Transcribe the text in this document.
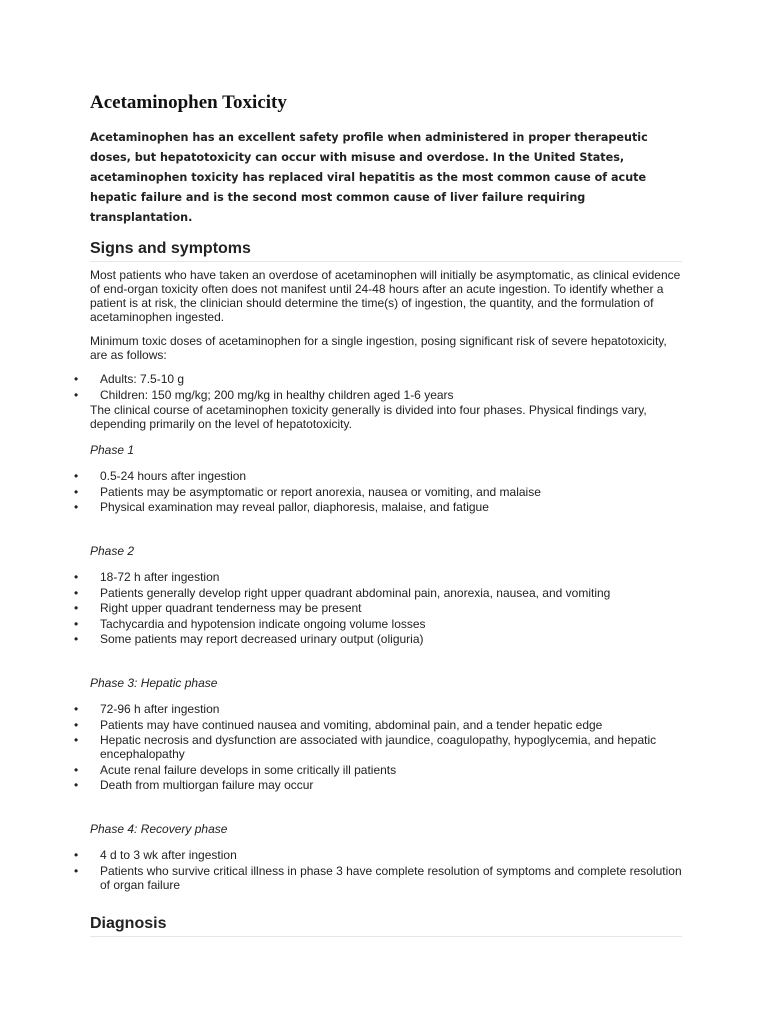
Acetaminophen Toxicity

Acetaminophen has an excellent safety profile when administered in proper therapeutic doses, but hepatotoxicity can occur with misuse and overdose. In the United States, acetaminophen toxicity has replaced viral hepatitis as the most common cause of acute hepatic failure and is the second most common cause of liver failure requiring transplantation.

Signs and symptoms

Most patients who have taken an overdose of acetaminophen will initially be asymptomatic, as clinical evidence of end-organ toxicity often does not manifest until 24-48 hours after an acute ingestion. To identify whether a patient is at risk, the clinician should determine the time(s) of ingestion, the quantity, and the formulation of acetaminophen ingested.

Minimum toxic doses of acetaminophen for a single ingestion, posing significant risk of severe hepatotoxicity, are as follows:

• Adults: 7.5-10 g
• Children: 150 mg/kg; 200 mg/kg in healthy children aged 1-6 years

The clinical course of acetaminophen toxicity generally is divided into four phases. Physical findings vary, depending primarily on the level of hepatotoxicity.

Phase 1
• 0.5-24 hours after ingestion
• Patients may be asymptomatic or report anorexia, nausea or vomiting, and malaise
• Physical examination may reveal pallor, diaphoresis, malaise, and fatigue
Phase 2
• 18-72 h after ingestion
• Patients generally develop right upper quadrant abdominal pain, anorexia, nausea, and vomiting
• Right upper quadrant tenderness may be present
• Tachycardia and hypotension indicate ongoing volume losses
• Some patients may report decreased urinary output (oliguria)
Phase 3: Hepatic phase
• 72-96 h after ingestion
• Patients may have continued nausea and vomiting, abdominal pain, and a tender hepatic edge
• Hepatic necrosis and dysfunction are associated with jaundice, coagulopathy, hypoglycemia, and hepatic encephalopathy
• Acute renal failure develops in some critically ill patients
• Death from multiorgan failure may occur
Phase 4: Recovery phase
• 4 d to 3 wk after ingestion
• Patients who survive critical illness in phase 3 have complete resolution of symptoms and complete resolution of organ failure
Diagnosis
